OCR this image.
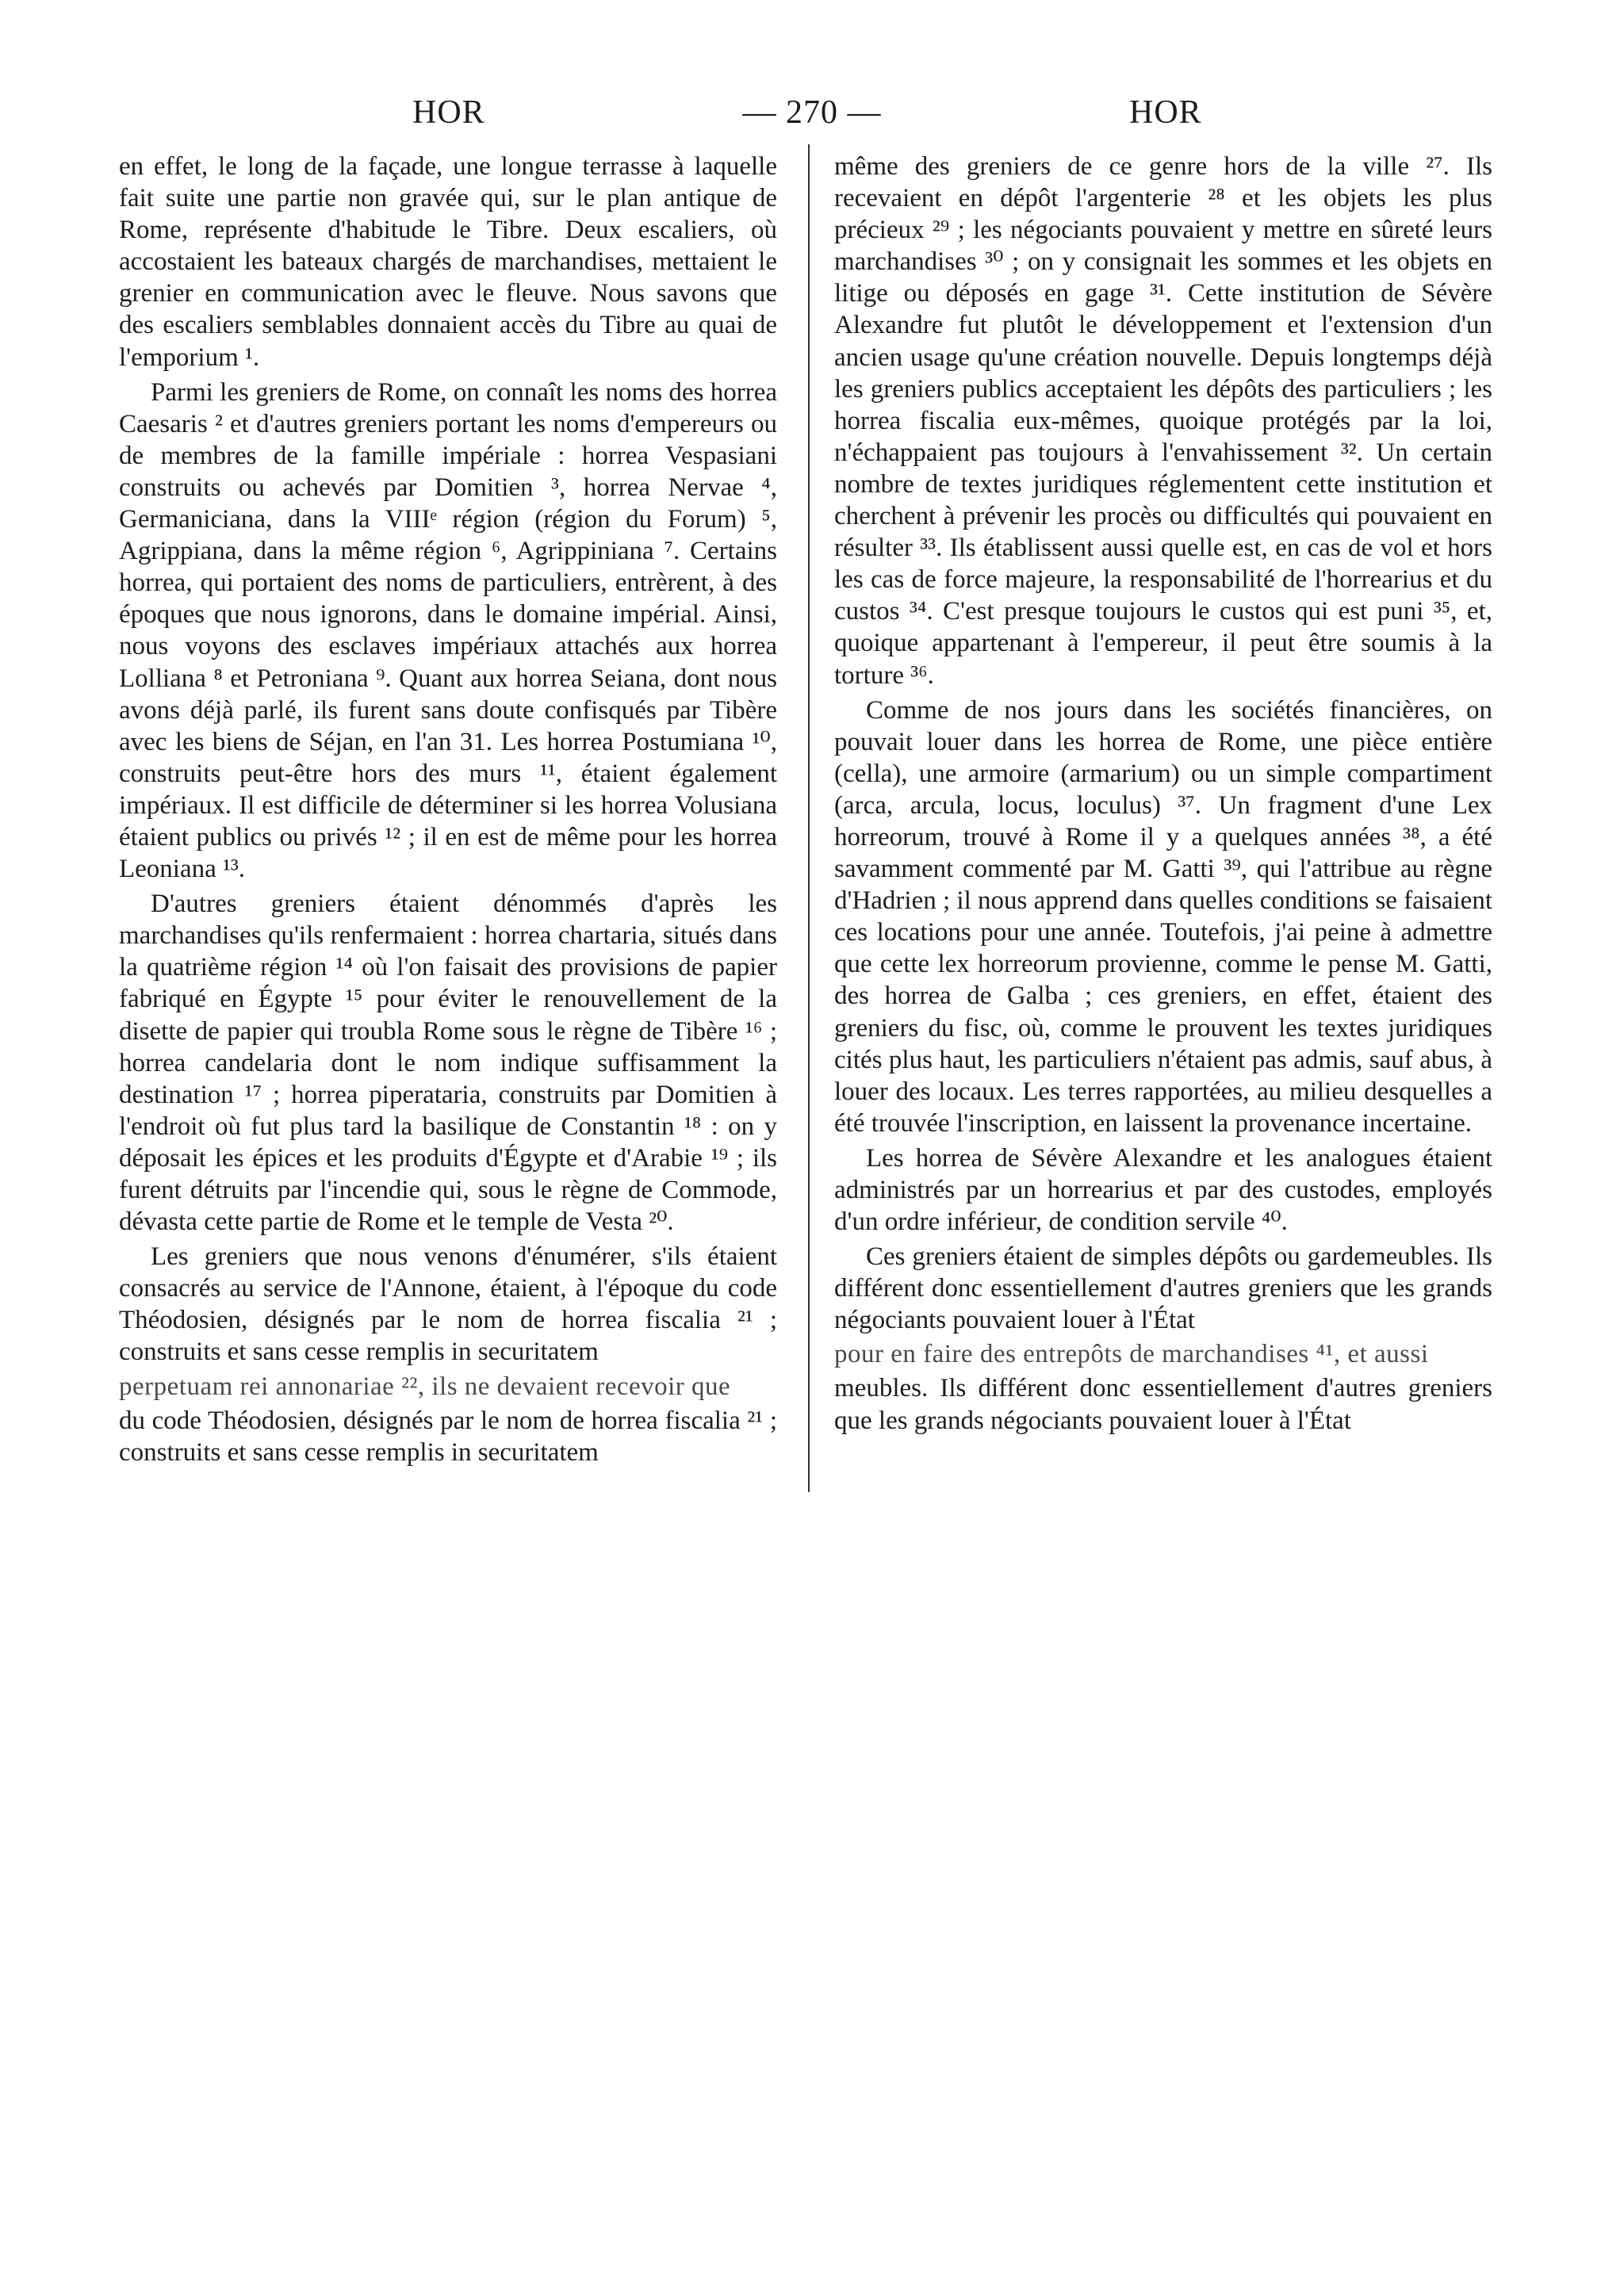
HOR	— 270 —	HOR

en effet, le long de la façade, une longue terrasse à laquelle fait suite une partie non gravée qui, sur le plan antique de Rome, représente d'habitude le Tibre. Deux escaliers, où accostaient les bateaux chargés de marchandises, mettaient le grenier en communication avec le fleuve. Nous savons que des escaliers semblables donnaient accès du Tibre au quai de l'emporium ¹.

Parmi les greniers de Rome, on connaît les noms des horrea Caesaris ² et d'autres greniers portant les noms d'empereurs ou de membres de la famille impériale : horrea Vespasiani construits ou achevés par Domitien ³, horrea Nervae ⁴, Germaniciana, dans la VIIIᵉ région (région du Forum) ⁵, Agrippiana, dans la même région ⁶, Agrippiniana ⁷. Certains horrea, qui portaient des noms de particuliers, entrèrent, à des époques que nous ignorons, dans le domaine impérial. Ainsi, nous voyons des esclaves impériaux attachés aux horrea Lolliana ⁸ et Petroniana ⁹. Quant aux horrea Seiana, dont nous avons déjà parlé, ils furent sans doute confisqués par Tibère avec les biens de Séjan, en l'an 31. Les horrea Postumiana ¹⁰, construits peut-être hors des murs ¹¹, étaient également impériaux. Il est difficile de déterminer si les horrea Volusiana étaient publics ou privés ¹² ; il en est de même pour les horrea Leoniana ¹³.

D'autres greniers étaient dénommés d'après les marchandises qu'ils renfermaient : horrea chartaria, situés dans la quatrième région ¹⁴ où l'on faisait des provisions de papier fabriqué en Égypte ¹⁵ pour éviter le renouvellement de la disette de papier qui troubla Rome sous le règne de Tibère ¹⁶ ; horrea candelaria dont le nom indique suffisamment la destination ¹⁷ ; horrea piperataria, construits par Domitien à l'endroit où fut plus tard la basilique de Constantin ¹⁸ : on y déposait les épices et les produits d'Égypte et d'Arabie ¹⁹ ; ils furent détruits par l'incendie qui, sous le règne de Commode, dévasta cette partie de Rome et le temple de Vesta ²⁰.

Les greniers que nous venons d'énumérer, s'ils étaient consacrés au service de l'Annone, étaient, à l'époque du code Théodosien, désignés par le nom de horrea fiscalia ²¹ ; construits et sans cesse remplis in securitatem

perpetuam rei annonariae ²², ils ne devaient recevoir que

du code Théodosien, désignés par le nom de horrea fiscalia ²¹ ; construits et sans cesse remplis in securitatem

même des greniers de ce genre hors de la ville ²⁷. Ils recevaient en dépôt l'argenterie ²⁸ et les objets les plus précieux ²⁹ ; les négociants pouvaient y mettre en sûreté leurs marchandises ³⁰ ; on y consignait les sommes et les objets en litige ou déposés en gage ³¹. Cette institution de Sévère Alexandre fut plutôt le développement et l'extension d'un ancien usage qu'une création nouvelle. Depuis longtemps déjà les greniers publics acceptaient les dépôts des particuliers ; les horrea fiscalia eux-mêmes, quoique protégés par la loi, n'échappaient pas toujours à l'envahissement ³². Un certain nombre de textes juridiques réglementent cette institution et cherchent à prévenir les procès ou difficultés qui pouvaient en résulter ³³. Ils établissent aussi quelle est, en cas de vol et hors les cas de force majeure, la responsabilité de l'horrearius et du custos ³⁴. C'est presque toujours le custos qui est puni ³⁵, et, quoique appartenant à l'empereur, il peut être soumis à la torture ³⁶.

Comme de nos jours dans les sociétés financières, on pouvait louer dans les horrea de Rome, une pièce entière (cella), une armoire (armarium) ou un simple compartiment (arca, arcula, locus, loculus) ³⁷. Un fragment d'une Lex horreorum, trouvé à Rome il y a quelques années ³⁸, a été savamment commenté par M. Gatti ³⁹, qui l'attribue au règne d'Hadrien ; il nous apprend dans quelles conditions se faisaient ces locations pour une année. Toutefois, j'ai peine à admettre que cette lex horreorum provienne, comme le pense M. Gatti, des horrea de Galba ; ces greniers, en effet, étaient des greniers du fisc, où, comme le prouvent les textes juridiques cités plus haut, les particuliers n'étaient pas admis, sauf abus, à louer des locaux. Les terres rapportées, au milieu desquelles a été trouvée l'inscription, en laissent la provenance incertaine.

Les horrea de Sévère Alexandre et les analogues étaient administrés par un horrearius et par des custodes, employés d'un ordre inférieur, de condition servile ⁴⁰.

Ces greniers étaient de simples dépôts ou gardemeubles. Ils différent donc essentiellement d'autres greniers que les grands négociants pouvaient louer à l'État

pour en faire des entrepôts de marchandises ⁴¹, et aussi

meubles. Ils différent donc essentiellement d'autres greniers que les grands négociants pouvaient louer à l'État
